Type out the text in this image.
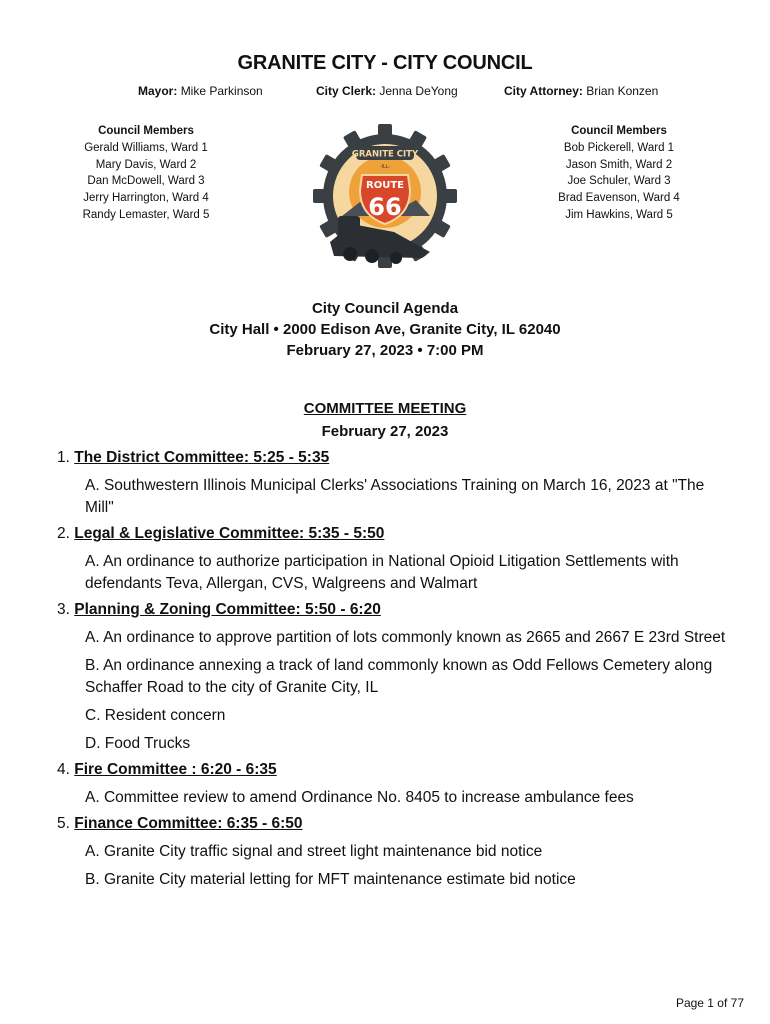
GRANITE CITY - CITY COUNCIL
Mayor: Mike Parkinson	City Clerk: Jenna DeYong	City Attorney: Brian Konzen
Council Members
Gerald Williams, Ward 1
Mary Davis, Ward 2
Dan McDowell, Ward 3
Jerry Harrington, Ward 4
Randy Lemaster, Ward 5
Council Members
Bob Pickerell, Ward 1
Jason Smith, Ward 2
Joe Schuler, Ward 3
Brad Eavenson, Ward 4
Jim Hawkins, Ward 5
GRANITE CITY
-ILL-
ROUTE
66
City Council Agenda
City Hall • 2000 Edison Ave, Granite City, IL 62040
February 27, 2023 • 7:00 PM
COMMITTEE MEETING
February 27, 2023
1. The District Committee: 5:25 - 5:35
A. Southwestern Illinois Municipal Clerks' Associations Training on March 16, 2023 at "The Mill"
2. Legal & Legislative Committee: 5:35 - 5:50
A. An ordinance to authorize participation in National Opioid Litigation Settlements with defendants Teva, Allergan, CVS, Walgreens and Walmart
3. Planning & Zoning Committee: 5:50 - 6:20
A. An ordinance to approve partition of lots commonly known as 2665 and 2667 E 23rd Street
B. An ordinance annexing a track of land commonly known as Odd Fellows Cemetery along Schaffer Road to the city of Granite City, IL
C. Resident concern
D. Food Trucks
4. Fire Committee : 6:20 - 6:35
A. Committee review to amend Ordinance No. 8405 to increase ambulance fees
5. Finance Committee: 6:35 - 6:50
A. Granite City traffic signal and street light maintenance bid notice
B. Granite City material letting for MFT maintenance estimate bid notice
Page 1 of 77
